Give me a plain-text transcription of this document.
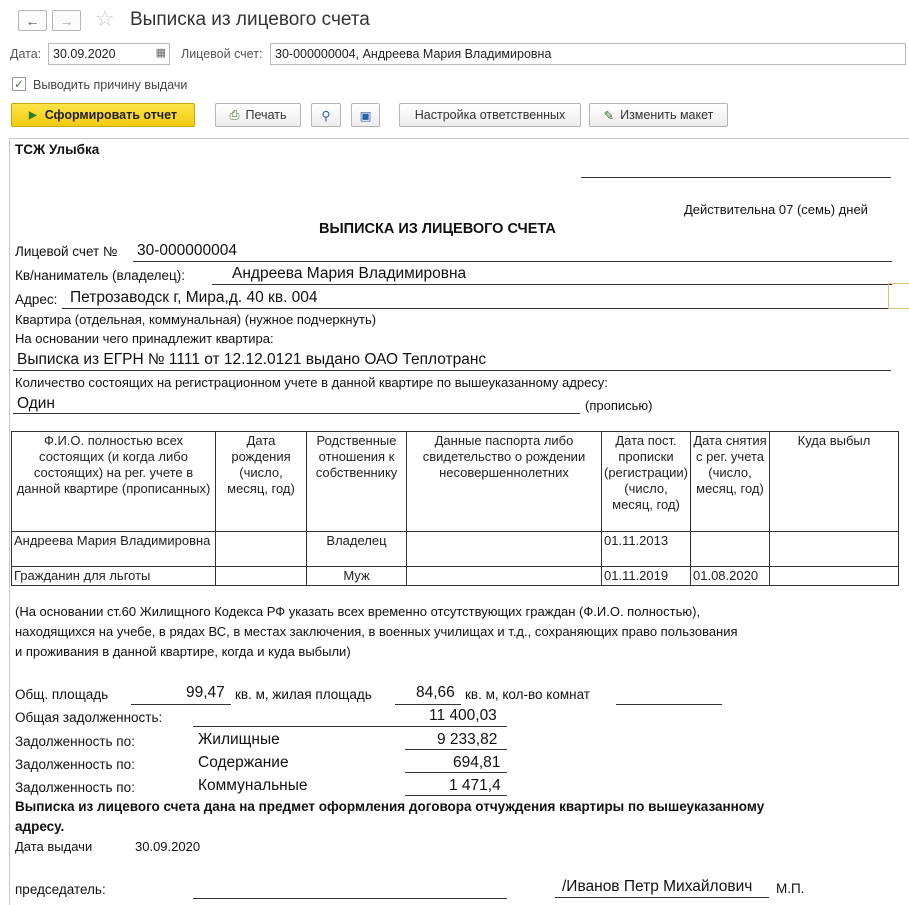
← → ☆ Выписка из лицевого счета
Дата: 30.09.2020	▦ Лицевой счет:	30-000000004, Андреева Мария Владимировна
✓ Выводить причину выдачи
▶ Сформировать отчет	⎙ Печать	⚲ ▣	Настройка ответственных	✎ Изменить макет
ТСЖ Улыбка
Действительна 07 (семь) дней
ВЫПИСКА ИЗ ЛИЦЕВОГО СЧЕТА
Лицевой счет № 30-000000004
Кв/наниматель (владелец):	Андреева Мария Владимировна
Адрес: Петрозаводск г, Мира,д. 40 кв. 004
Квартира (отдельная, коммунальная) (нужное подчеркнуть)
На основании чего принадлежит квартира:
Выписка из ЕГРН № 1111 от 12.12.0121 выдано ОАО Теплотранс
Количество состоящих на регистрационном учете в данной квартире по вышеуказанному адресу:
Один	(прописью)
Ф.И.О. полностью всех состоящих (и когда либо состоящих) на рег. учете в данной квартире (прописанных)	Дата рождения (число, месяц, год)	Родственные отношения к собственнику	Данные паспорта либо свидетельство о рождении несовершеннолетних	Дата пост. прописки (регистрации) (число, месяц, год)	Дата снятия с рег. учета (число, месяц, год)	Куда выбыл
Андреева Мария Владимировна		Владелец		01.11.2013		
Гражданин для льготы		Муж		01.11.2019	01.08.2020	
(На основании ст.60 Жилищного Кодекса РФ указать всех временно отсутствующих граждан (Ф.И.О. полностью),
находящихся на учебе, в рядах ВС, в местах заключения, в военных училищах и т.д., сохраняющих право пользования
и проживания в данной квартире, когда и куда выбыли)
Общ. площадь	99,47 кв. м, жилая площадь	84,66 кв. м, кол-во комнат
Общая задолженность:	11 400,03
Задолженность по:	Жилищные	9 233,82
Задолженность по:	Содержание	694,81
Задолженность по:	Коммунальные	1 471,4
Выписка из лицевого счета дана на предмет оформления договора отчуждения квартиры по вышеуказанному
адресу.
Дата выдачи	30.09.2020
председатель:	/Иванов Петр Михайлович М.П.
